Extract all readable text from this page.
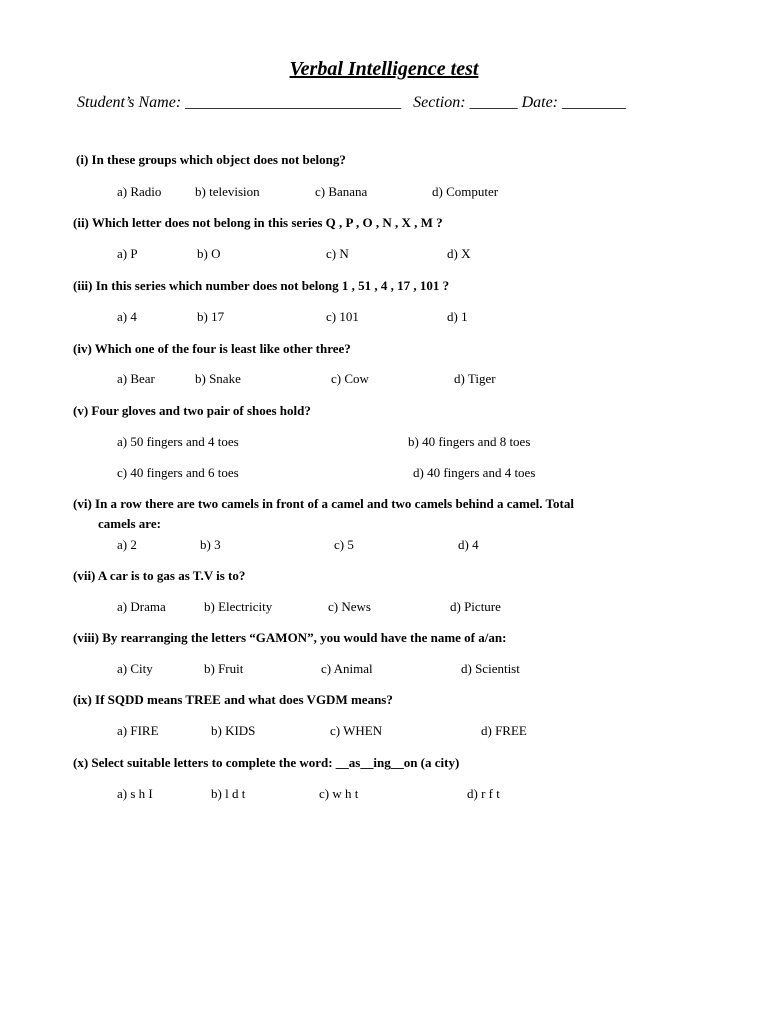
Verbal Intelligence test
Student’s Name: ___________________________ Section: ______ Date: ________
(i) In these groups which object does not belong?
a) Radio	b) television	c) Banana	d) Computer
(ii) Which letter does not belong in this series Q , P , O , N , X , M ?
a) P	b) O	c) N	d) X
(iii) In this series which number does not belong 1 , 51 , 4 , 17 , 101 ?
a) 4	b) 17	c) 101	d) 1
(iv) Which one of the four is least like other three?
a) Bear	b) Snake	c) Cow	d) Tiger
(v) Four gloves and two pair of shoes hold?
a) 50 fingers and 4 toes	b) 40 fingers and 8 toes
c) 40 fingers and 6 toes	d) 40 fingers and 4 toes
(vi) In a row there are two camels in front of a camel and two camels behind a camel. Total
camels are:
a) 2	b) 3	c) 5	d) 4
(vii) A car is to gas as T.V is to?
a) Drama	b) Electricity	c) News	d) Picture
(viii) By rearranging the letters “GAMON”, you would have the name of a/an:
a) City	b) Fruit	c) Animal	d) Scientist
(ix) If SQDD means TREE and what does VGDM means?
a) FIRE	b) KIDS	c) WHEN	d) FREE
(x) Select suitable letters to complete the word: __as__ing__on (a city)
a) s h I	b) l d t	c) w h t	d) r f t
